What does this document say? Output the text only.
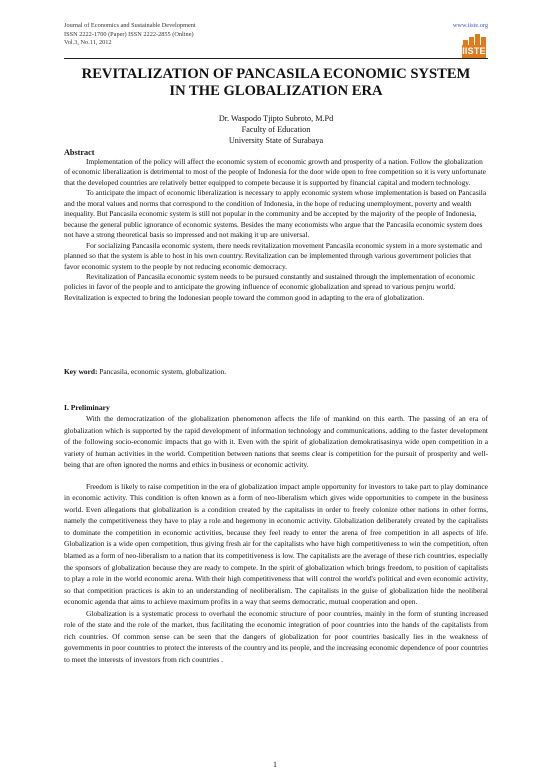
Journal of Economics and Sustainable Development
ISSN 2222-1700 (Paper) ISSN 2222-2855 (Online)
Vol.3, No.11, 2012
www.iiste.org
IISTE
REVITALIZATION OF PANCASILA ECONOMIC SYSTEM
IN THE GLOBALIZATION ERA
Dr. Waspodo Tjipto Subroto, M.Pd
Faculty of Education
University State of Surabaya
Abstract

Implementation of the policy will affect the economic system of economic growth and prosperity of a nation. Follow the globalization of economic liberalization is detrimental to most of the people of Indonesia for the door wide open to free competition so it is very unfortunate that the developed countries are relatively better equipped to compete because it is supported by financial capital and modern technology.

To anticipate the impact of economic liberalization is necessary to apply economic system whose implementation is based on Pancasila and the moral values and norms that correspond to the condition of Indonesia, in the hope of reducing unemployment, poverty and wealth inequality. But Pancasila economic system is still not popular in the community and be accepted by the majority of the people of Indonesia, because the general public ignorance of economic systems. Besides the many economists who argue that the Pancasila economic system does not have a strong theoretical basis so impressed and not making it up are universal.

For socializing Pancasila economic system, there needs revitalization movement Pancasila economic system in a more systematic and planned so that the system is able to host in his own country. Revitalization can be implemented through various government policies that favor economic system to the people by not reducing economic democracy.

Revitalization of Pancasila economic system needs to be pursued constantly and sustained through the implementation of economic policies in favor of the people and to anticipate the growing influence of economic globalization and spread to various penjru world. Revitalization is expected to bring the Indonesian people toward the common good in adapting to the era of globalization.

Key word: Pancasila, economic system, globalization.
I. Preliminary

With the democratization of the globalization phenomenon affects the life of mankind on this earth. The passing of an era of globalization which is supported by the rapid development of information technology and communications, adding to the faster development of the following socio-economic impacts that go with it. Even with the spirit of globalization demokratisasinya wide open competition in a variety of human activities in the world. Competition between nations that seems clear is competition for the pursuit of prosperity and well-being that are often ignored the norms and ethics in business or economic activity.

Freedom is likely to raise competition in the era of globalization impact ample opportunity for investors to take part to play dominance in economic activity. This condition is often known as a form of neo-liberalism which gives wide opportunities to compete in the business world. Even allegations that globalization is a condition created by the capitalists in order to freely colonize other nations in other forms, namely the competitiveness they have to play a role and hegemony in economic activity. Globalization deliberately created by the capitalists to dominate the competition in economic activities, because they feel ready to enter the arena of free competition in all aspects of life. Globalization is a wide open competition, thus giving fresh air for the capitalists who have high competitiveness to win the competition, often blamed as a form of neo-liberalism to a nation that its competitiveness is low. The capitalists are the average of these rich countries, especially the sponsors of globalization because they are ready to compete. In the spirit of globalization which brings freedom, to position of capitalists to play a role in the world economic arena. With their high competitiveness that will control the world's political and even economic activity, so that competition practices is akin to an understanding of neoliberalism. The capitalists in the guise of globalization hide the neoliberal economic agenda that aims to achieve maximum profits in a way that seems democratic, mutual cooperation and open.

Globalization is a systematic process to overhaul the economic structure of poor countries, mainly in the form of stunting increased role of the state and the role of the market, thus facilitating the economic integration of poor countries into the hands of the capitalists from rich countries. Of common sense can be seen that the dangers of globalization for poor countries basically lies in the weakness of governments in poor countries to protect the interests of the country and its people, and the increasing economic dependence of poor countries to meet the interests of investors from rich countries .

1
